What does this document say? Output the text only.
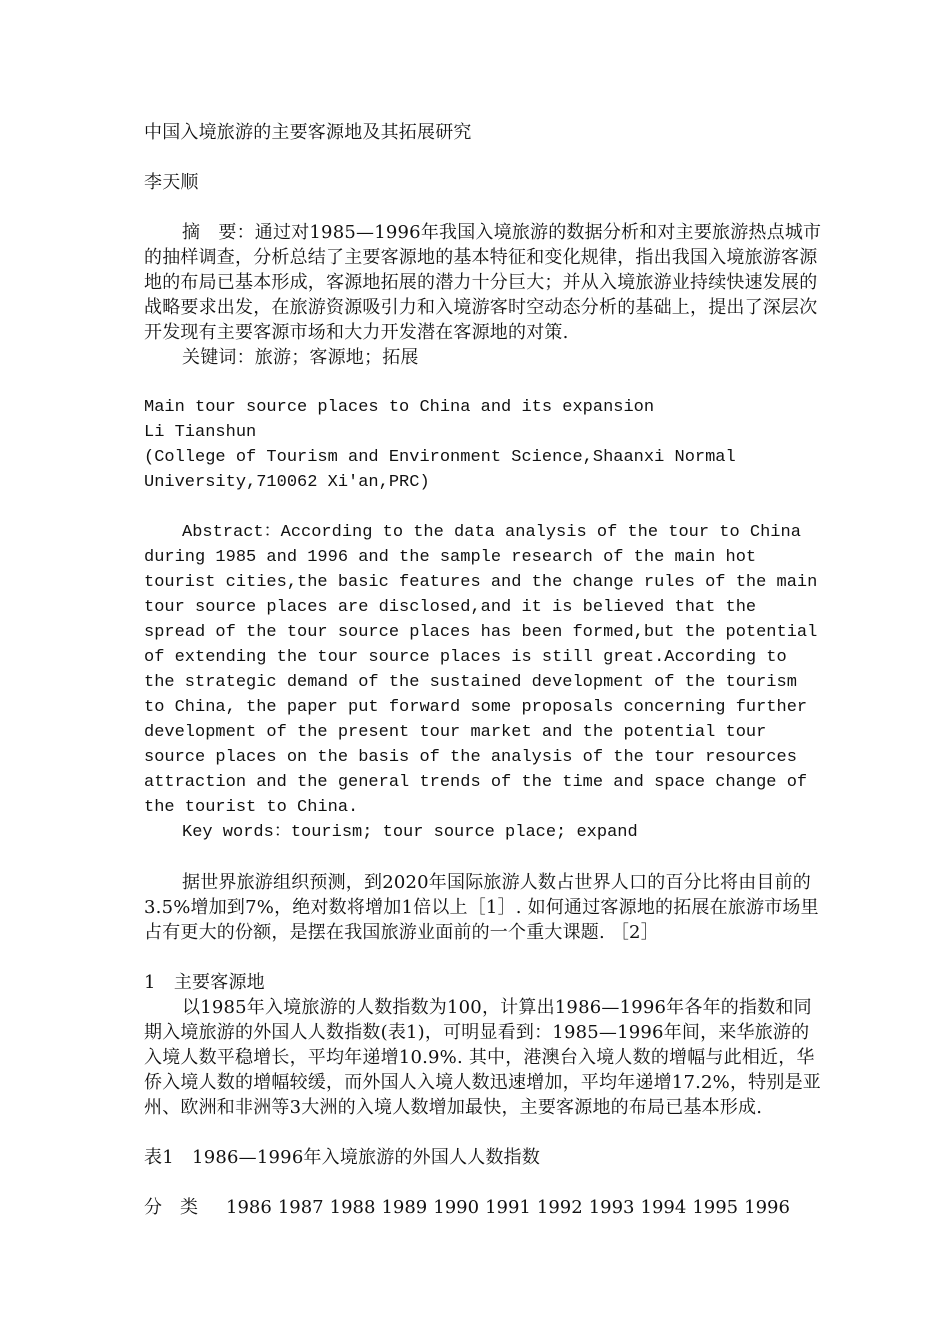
中国入境旅游的主要客源地及其拓展研究

李天顺

摘　要：通过对1985—1996年我国入境旅游的数据分析和对主要旅游热点城市的抽样调查，分析总结了主要客源地的基本特征和变化规律，指出我国入境旅游客源地的布局已基本形成，客源地拓展的潜力十分巨大；并从入境旅游业持续快速发展的战略要求出发，在旅游资源吸引力和入境游客时空动态分析的基础上，提出了深层次开发现有主要客源市场和大力开发潜在客源地的对策.

关键词：旅游；客源地；拓展

Main tour source places to China and its expansion

Li Tianshun

(College of Tourism and Environment Science,Shaanxi Normal University,710062 Xi′an,PRC)

Abstract：According to the data analysis of the tour to China during 1985 and 1996 and the sample research of the main hot tourist cities,the basic features and the change rules of the main tour source places are disclosed,and it is believed that the spread of the tour source places has been formed,but the potential of extending the tour source places is still great.According to the strategic demand of the sustained development of the tourism to China, the paper put forward some proposals concerning further development of the present tour market and the potential tour source places on the basis of the analysis of the tour resources attraction and the general trends of the time and space change of the tourist to China.

Key words：tourism; tour source place; expand

据世界旅游组织预测，到2020年国际旅游人数占世界人口的百分比将由目前的3.5%增加到7%，绝对数将增加1倍以上［1］. 如何通过客源地的拓展在旅游市场里占有更大的份额，是摆在我国旅游业面前的一个重大课题. ［2］

1　主要客源地

以1985年入境旅游的人数指数为100，计算出1986—1996年各年的指数和同期入境旅游的外国人人数指数(表1)，可明显看到：1985—1996年间，来华旅游的入境人数平稳增长，平均年递增10.9%. 其中，港澳台入境人数的增幅与此相近，华侨入境人数的增幅较缓，而外国人入境人数迅速增加，平均年递增17.2%，特别是亚州、欧洲和非洲等3大洲的入境人数增加最快，主要客源地的布局已基本形成.

表1　1986—1996年入境旅游的外国人人数指数

分类 1986 1987 1988 1989 1990 1991 1992 1993 1994 1995 1996
